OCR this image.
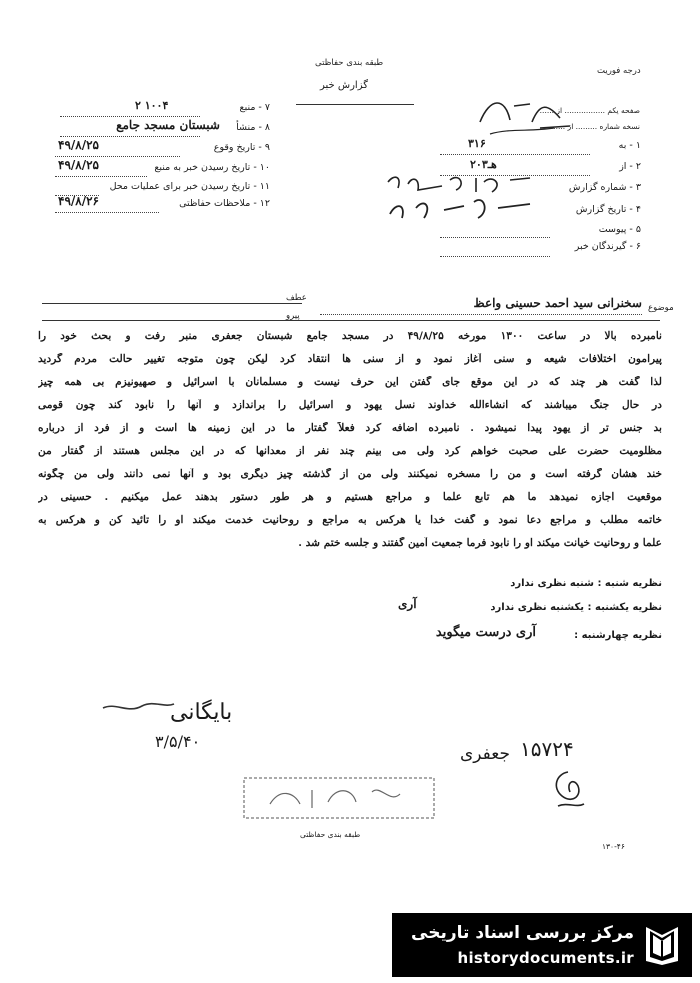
طبقه بندی حفاظتی
گزارش خبر
درجه فوریت
صفحه یکم ................. از ......
نسخه شماره ......... از ......
۱ - به
۳۱۶
۲ - از
۲۰هـ۳
۳ - شماره گزارش
۴ - تاریخ گزارش
۵ - پیوست
۶ - گیرندگان خبر
۷ - منبع
۲ ۱۰۰۴
۸ - منشأ
شبستان مسجد جامع
۹ - تاریخ وقوع
۴۹/۸/۲۵
۱۰ - تاریخ رسیدن خبر به منبع
۴۹/۸/۲۵
۱۱ - تاریخ رسیدن خبر برای عملیات محل
۱۲ - ملاحظات حفاظتی
۴۹/۸/۲۶
عطف
پیرو
موضوع
سخنرانی سید احمد حسینی واعظ
نامبرده بالا در ساعت ۱۳۰۰ مورخه ۴۹/۸/۲۵ در مسجد جامع شبستان جعفری منبر رفت و بحث خود را
پیرامون اختلافات شیعه و سنی آغاز نمود و از سنی ها انتقاد کرد لیکن چون متوجه تغییر حالت مردم گردید
لذا گفت هر چند که در این موقع جای گفتن این حرف نیست و مسلمانان با اسرائیل و صهیونیزم بی همه چیز
در حال جنگ میباشند که انشاءالله خداوند نسل یهود و اسرائیل را براندازد و آنها را نابود کند چون قومی
بد جنس تر از یهود پیدا نمیشود . نامبرده اضافه کرد فعلاً گفتار ما در این زمینه ها است و از فرد از درباره
مظلومیت حضرت علی صحبت خواهم کرد ولی می بینم چند نفر از معدانها که در این مجلس هستند از گفتار من
خند هشان گرفته است و من را مسخره نمیکنند ولی من از گذشته چیز دیگری بود و آنها نمی دانند ولی من چگونه
موقعیت اجازه نمیدهد ما هم تابع علما و مراجع هستیم و هر طور دستور بدهند عمل میکنیم . حسینی در
خاتمه مطلب و مراجع دعا نمود و گفت خدا یا هرکس به مراجع و روحانیت خدمت میکند او را تائید کن و هرکس به
علما و روحانیت خیانت میکند او را نابود فرما جمعیت آمین گفتند و جلسه ختم شد .
نظریه شنبه : شنبه نظری ندارد
نظریه یکشنبه : یکشنبه نظری ندارد
آری
نظریه چهارشنبه :
آری درست میگوید
بایگانی
۳/۵/۴۰	۱۵۷۲۴
جعفری
طبقه بندی حفاظتی
۱۳۰-۴۶
مرکز بررسی اسناد تاریخی
historydocuments.ir
